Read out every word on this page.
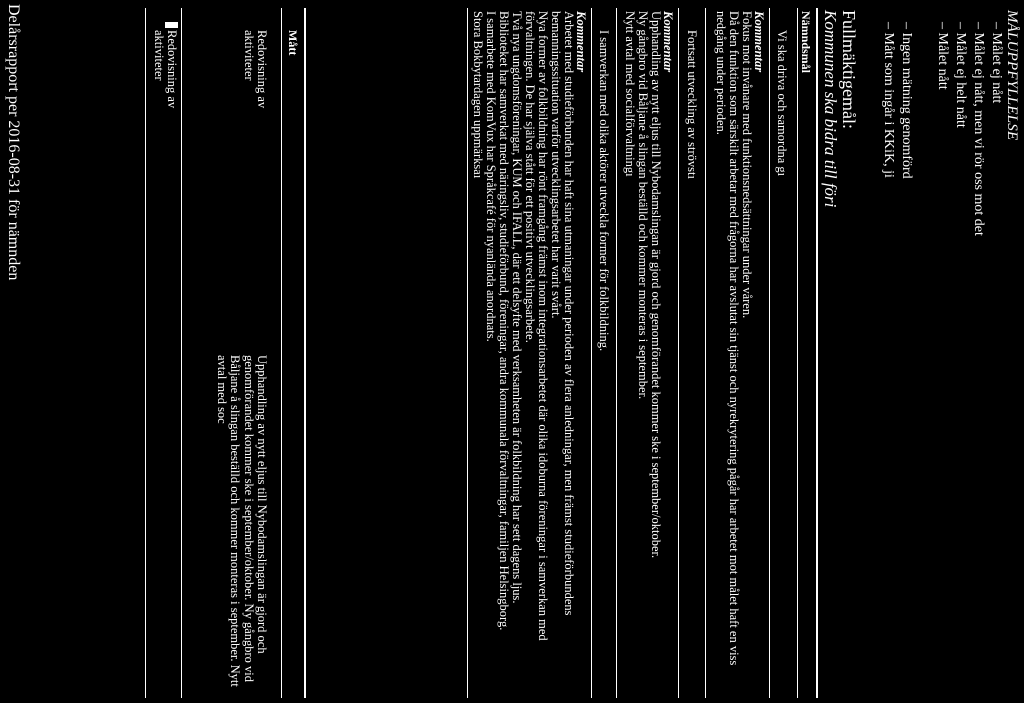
MÅLUPPFYLLELSE
– Målet ej nått
– Målet ej nått, men vi rör oss mot det
– Målet ej helt nått
– Målet nått
– Ingen mätning genomförd
– Mått som ingår i KKiK, ji
Fullmäktigemål:
Kommunen ska bidra till föri
Nämndsmål
Vi ska driva och samordna gı
Kommentar
Fokus mot invånare med funktionsnedsättningar under våren.
Då den funktion som särskilt arbetar med frågorna har avslutat sin tjänst och nyrekrytering pågår har arbetet mot målet haft en viss
nedgång under perioden.
Fortsatt utveckling av strövstı
Kommentar
Upphandling av nytt eljus till Nybodamslingan är gjord och genomförandet kommer ske i september/oktober.
Ny gångbro vid Båljane å slingan beställd och kommer monteras i september.
Nytt avtal med socialförvaltningı
I samverkan med olika aktörer utveckla former för folkbildning.
Kommentar
Arbetet med studieförbunden har haft sina utmaningar under perioden av flera anledningar, men främst studieförbundens
bemanningssituation varför utvecklingsarbetet har varit svårt.
Nya former av folkbildning har rönt framgång främst inom integrationsarbetet där olika idoburna föreningar i samverkan med
förvaltningen. De har själva stått för ett positivt utvecklingsarbete.
Två nya ungdomsföreningar, KUM och IFALL, där ett delsyfte med verksamheten är folkbildning har sett dagens ljus.
Biblioteket har samverkat med näringsliv, studieförbund, föreningar, andra kommunala förvaltningar, familjen Helsingborg.
I samarbete med KomVux har Språkcafé för nyanlända anordnats.
Stora Bokbytardagen uppmärksaı
Mått
Redovisning av aktiviteter
Upphandling av nytt eljus till Nybodamslingan är gjord och genomförandet kommer ske i september/oktober. Ny gångbro vid Båljane å slingan beställd och kommer monteras i september. Nytt avtal med soc
Redovisning av aktiviteter
Delårsrapport per 2016-08-31 för nämnden
